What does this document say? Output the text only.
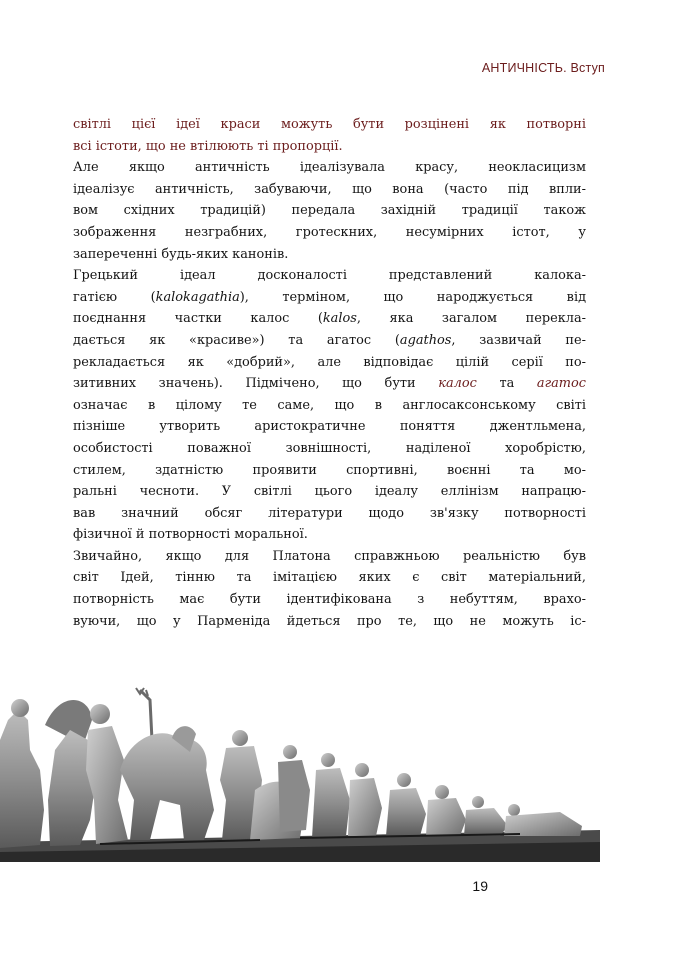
АНТИЧНІСТЬ. Вступ
світлі цієї ідеї краси можуть бути розцінені як потворні
всі істоти, що не втілюють ті пропорції.
Але якщо античність ідеалізувала красу, неокласицизм
ідеалізує античність, забуваючи, що вона (часто під впли-
вом східних традицій) передала західній традиції також
зображення незграбних, гротескних, несумірних істот, у
запереченні будь-яких канонів.
Грецький ідеал досконалості представлений калока-
гатією (kalokagathia), терміном, що народжується від
поєднання частки калос (kalos, яка загалом перекла-
дається як «красиве») та агатос (agathos, зазвичай пе-
рекладається як «добрий», але відповідає цілій серії по-
зитивних значень). Підмічено, що бути калос та агатос
означає в цілому те саме, що в англосаксонському світі
пізніше утворить аристократичне поняття джентльмена,
особистості поважної зовнішності, наділеної хоробрістю,
стилем, здатністю проявити спортивні, воєнні та мо-
ральні чесноти. У світлі цього ідеалу еллінізм напрацю-
вав значний обсяг літератури щодо зв'язку потворності
фізичної й потворності моральної.
Звичайно, якщо для Платона справжньою реальністю був
світ Ідей, тінню та імітацією яких є світ матеріальний,
потворність має бути ідентифікована з небуттям, врахо-
вуючи, що у Парменіда йдеться про те, що не можуть іс-
19
